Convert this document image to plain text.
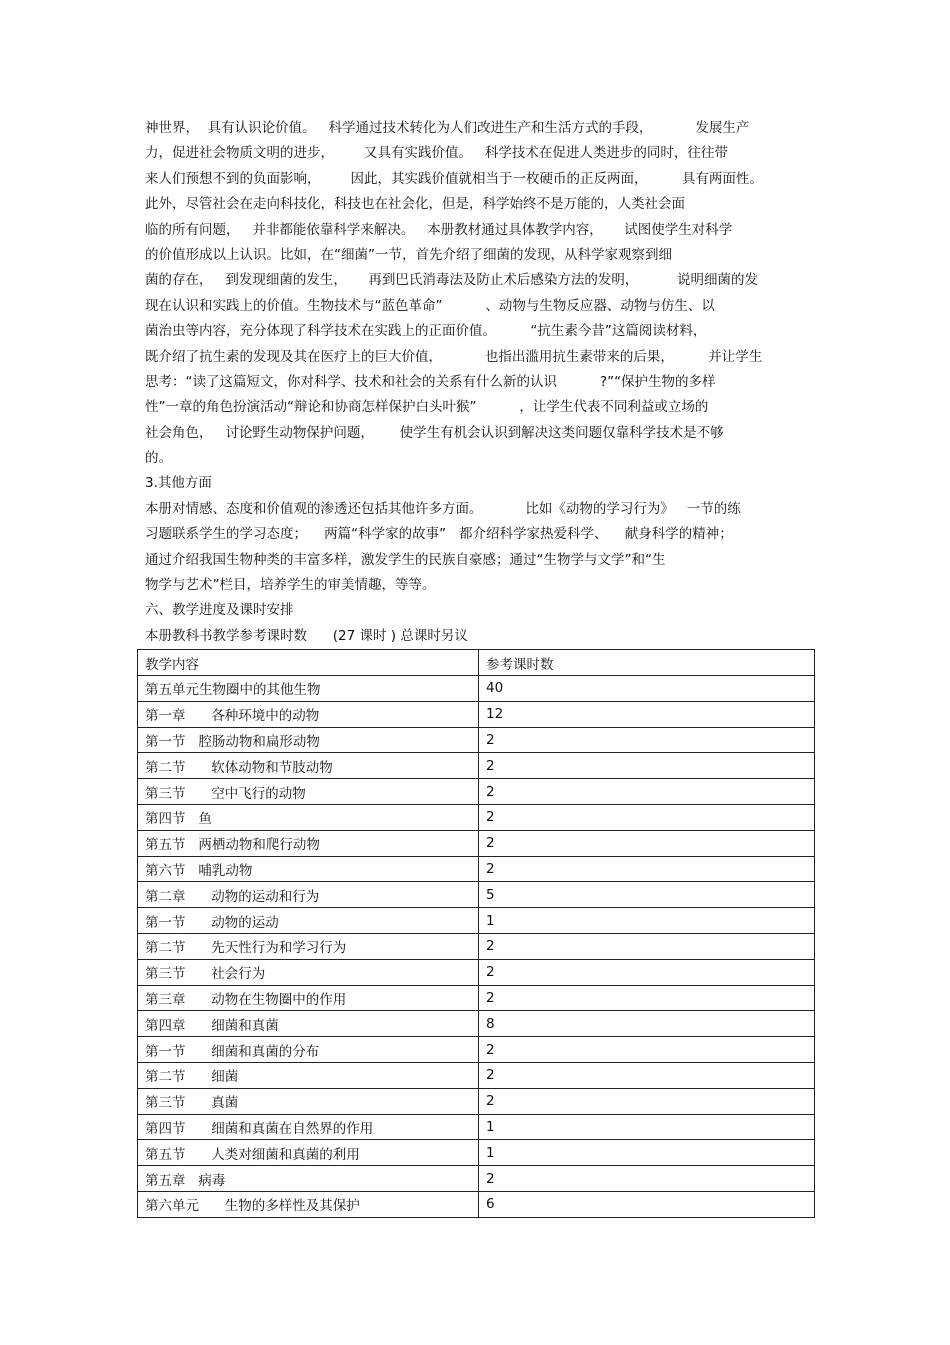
神世界，  具有认识论价值。   科学通过技术转化为人们改进生产和生活方式的手段，          发展生产
力，促进社会物质文明的进步，       又具有实践价值。   科学技术在促进人类进步的同时，往往带
来人们预想不到的负面影响，       因此，其实践价值就相当于一枚硬币的正反两面，        具有两面性。
此外，尽管社会在走向科技化，科技也在社会化，但是，科学始终不是万能的，人类社会面
临的所有问题，   并非都能依靠科学来解决。   本册教材通过具体教学内容，     试图使学生对科学
的价值形成以上认识。比如，在“细菌”一节，首先介绍了细菌的发现，从科学家观察到细
菌的存在，   到发现细菌的发生，     再到巴氏消毒法及防止术后感染方法的发明，         说明细菌的发
现在认识和实践上的价值。生物技术与“蓝色革命”          、动物与生物反应器、动物与仿生、以
菌治虫等内容，充分体现了科学技术在实践上的正面价值。        “抗生素今昔”这篇阅读材料，
既介绍了抗生素的发现及其在医疗上的巨大价值，          也指出滥用抗生素带来的后果，        并让学生
思考：“读了这篇短文，你对科学、技术和社会的关系有什么新的认识          ?”“保护生物的多样
性”一章的角色扮演活动“辩论和协商怎样保护白头叶猴”          ，让学生代表不同利益或立场的
社会角色，   讨论野生动物保护问题，      使学生有机会认识到解决这类问题仅靠科学技术是不够
的。
3.其他方面
本册对情感、态度和价值观的渗透还包括其他许多方面。          比如《动物的学习行为》   一节的练
习题联系学生的学习态度；    两篇“科学家的故事”   都介绍科学家热爱科学、    献身科学的精神；
通过介绍我国生物种类的丰富多样，激发学生的民族自豪感；通过“生物学与文学”和“生
物学与艺术”栏目，培养学生的审美情趣，等等。
六、教学进度及课时安排
本册教科书教学参考课时数      (27 课时 ) 总课时另议
教学内容	参考课时数
第五单元生物圈中的其他生物	40
第一章      各种环境中的动物	12
第一节   腔肠动物和扁形动物	2
第二节      软体动物和节肢动物	2
第三节      空中飞行的动物	2
第四节   鱼	2
第五节   两栖动物和爬行动物	2
第六节   哺乳动物	2
第二章      动物的运动和行为	5
第一节      动物的运动	1
第二节      先天性行为和学习行为	2
第三节      社会行为	2
第三章      动物在生物圈中的作用	2
第四章      细菌和真菌	8
第一节      细菌和真菌的分布	2
第二节      细菌	2
第三节      真菌	2
第四节      细菌和真菌在自然界的作用	1
第五节      人类对细菌和真菌的利用	1
第五章   病毒	2
第六单元      生物的多样性及其保护	6
